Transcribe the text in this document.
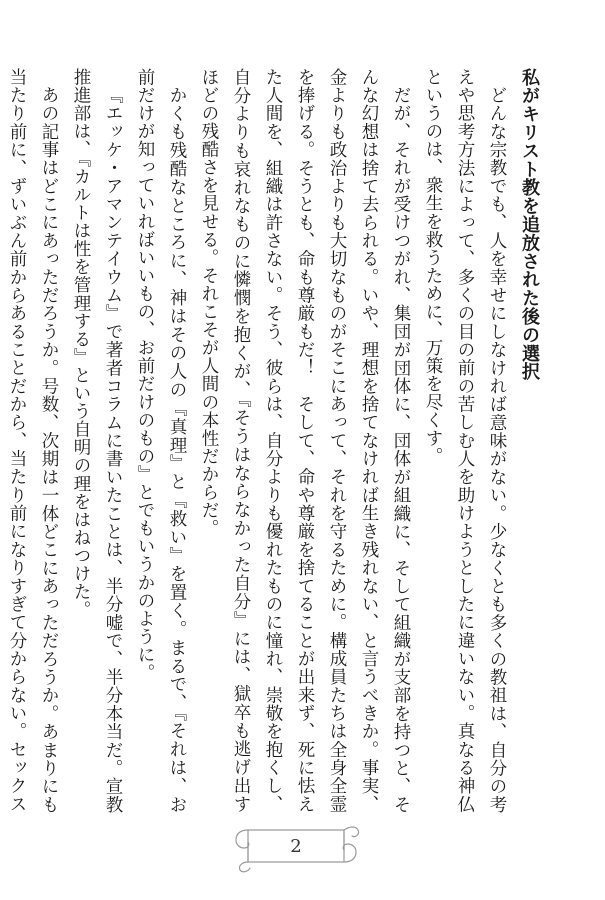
私がキリスト教を追放された後の選択

どんな宗教でも、人を幸せにしなければ意味がない。少なくとも多くの教祖は、自分の考えや思考方法によって、多くの目の前の苦しむ人を助けようとしたに違いない。真なる神仏というのは、衆生を救うために、万策を尽くす。

だが、それが受けつがれ、集団が団体に、団体が組織に、そして組織が支部を持つと、そんな幻想は捨て去られる。いや、理想を捨てなければ生き残れない、と言うべきか。事実、金よりも政治よりも大切なものがそこにあって、それを守るために。構成員たちは全身全霊を捧げる。そうとも、命も尊厳もだ！　そして、命や尊厳を捨てることが出来ず、死に怯えた人間を、組織は許さない。そう、彼らは、自分よりも優れたものに憧れ、崇敬を抱くし、自分よりも哀れなものに憐憫を抱くが、『そうはならなかった自分』には、獄卒も逃げ出すほどの残酷さを見せる。それこそが人間の本性だからだ。

かくも残酷なところに、神はその人の『真理』と『救い』を置く。まるで、『それは、お前だけが知っていればいいもの、お前だけのもの』とでもいうかのように。

『エッケ・アマンテイウム』で著者コラムに書いたことは、半分嘘で、半分本当だ。宣教推進部は、『カルトは性を管理する』という自明の理をはねつけた。

あの記事はどこにあっただろうか。号数、次期は一体どこにあっただろうか。あまりにも当たり前に、ずいぶん前からあることだから、当たり前になりすぎて分からない。セックス

2
